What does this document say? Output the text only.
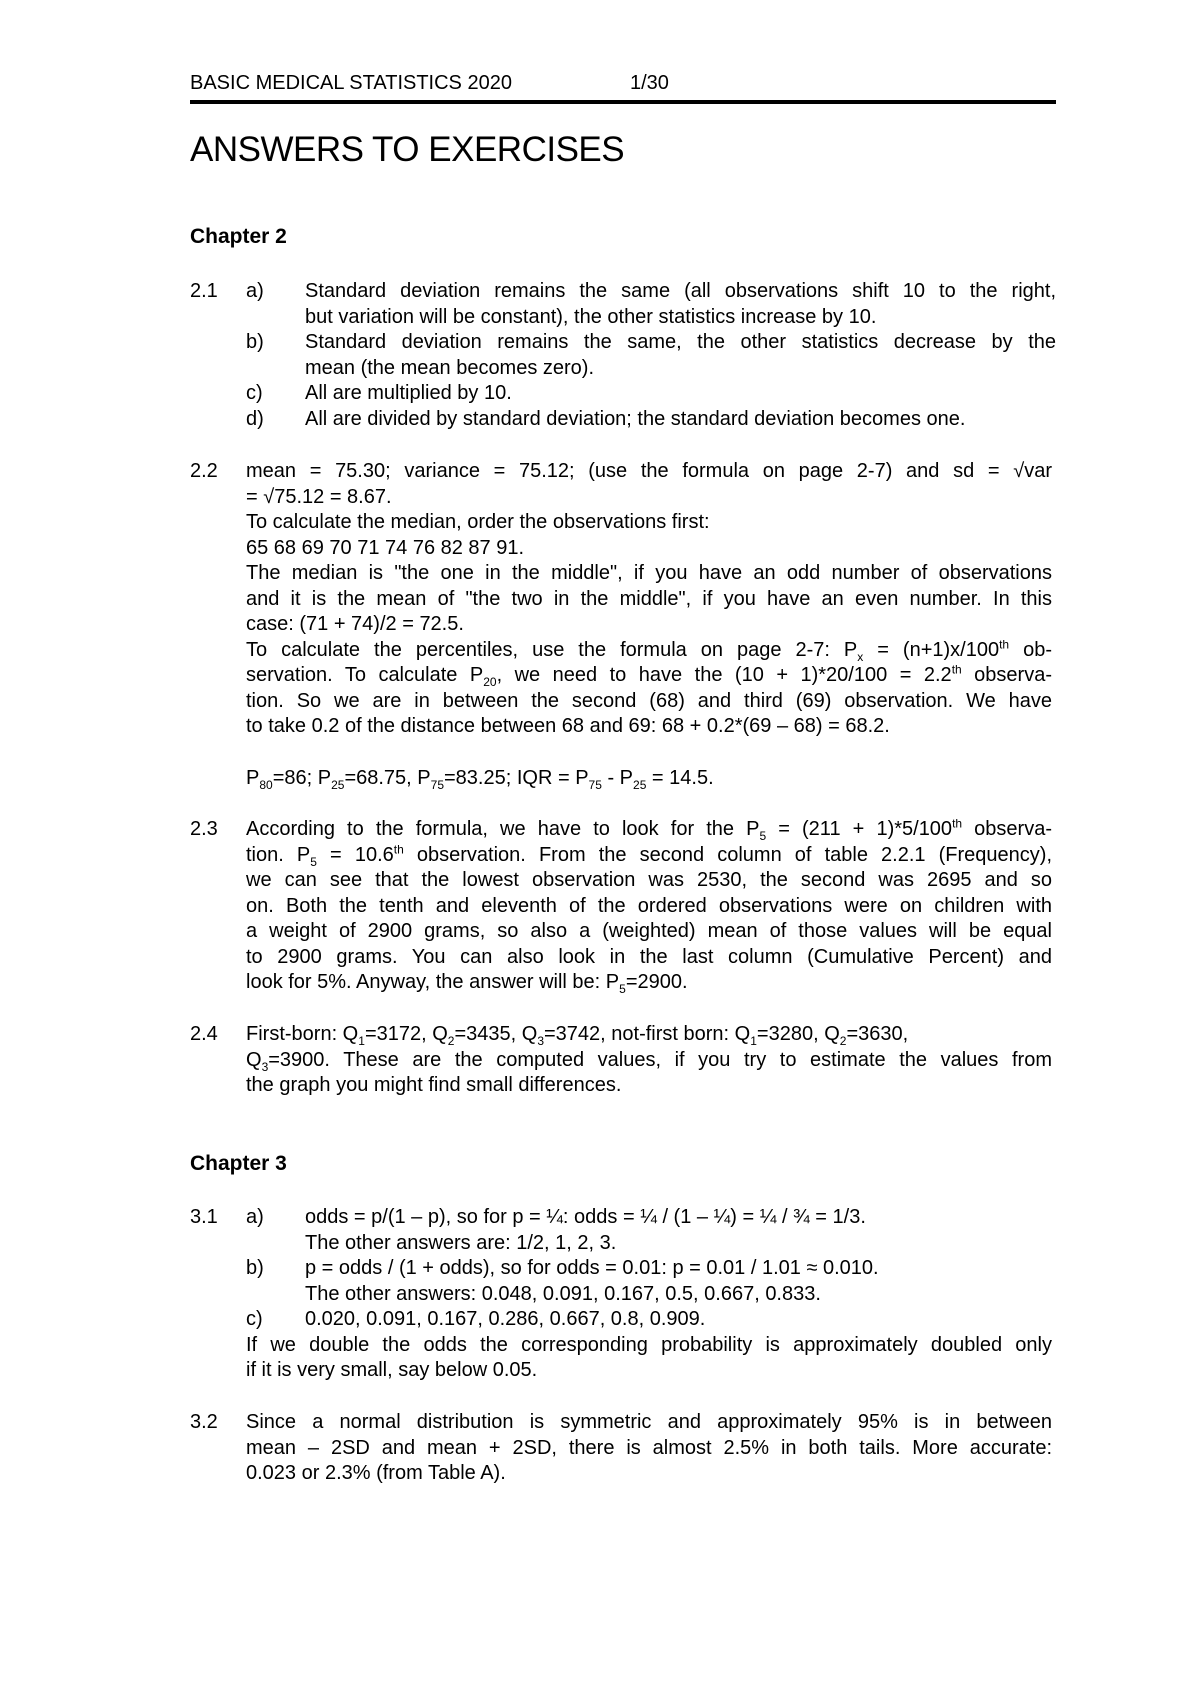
BASIC MEDICAL STATISTICS 2020	1/30
ANSWERS TO EXERCISES
Chapter 2
2.1 a) Standard deviation remains the same (all observations shift 10 to the right,
but variation will be constant), the other statistics increase by 10.
b) Standard deviation remains the same, the other statistics decrease by the
mean (the mean becomes zero).
c) All are multiplied by 10.
d) All are divided by standard deviation; the standard deviation becomes one.
2.2 mean = 75.30; variance = 75.12; (use the formula on page 2-7) and sd = √var
= √75.12 = 8.67.
To calculate the median, order the observations first:
65 68 69 70 71 74 76 82 87 91.
The median is "the one in the middle", if you have an odd number of observations
and it is the mean of "the two in the middle", if you have an even number. In this
case: (71 + 74)/2 = 72.5.
To calculate the percentiles, use the formula on page 2-7: $P_x = (n+1)x/100th$ ob-
servation. To calculate $P_{20}$, we need to have the (10 + 1)*20/100 = 2.2th observa-
tion. So we are in between the second (68) and third (69) observation. We have
to take 0.2 of the distance between 68 and 69: 68 + 0.2*(69 – 68) = 68.2.
$P_{80}=86$; $P_{25}=68.75$, $P_{75}=83.25$; IQR = $P_{75} - P_{25} = 14.5$.
2.3 According to the formula, we have to look for the $P_5 = (211 + 1)*5/100th$ observa-
tion. $P_5 = 10.6th$ observation. From the second column of table 2.2.1 (Frequency),
we can see that the lowest observation was 2530, the second was 2695 and so
on. Both the tenth and eleventh of the ordered observations were on children with
a weight of 2900 grams, so also a (weighted) mean of those values will be equal
to 2900 grams. You can also look in the last column (Cumulative Percent) and
look for 5%. Anyway, the answer will be: $P_5=2900$.
2.4 First-born: $Q_1=3172$, $Q_2=3435$, $Q_3=3742$, not-first born: $Q_1=3280$, $Q_2=3630$,
$Q_3=3900$. These are the computed values, if you try to estimate the values from
the graph you might find small differences.
Chapter 3
3.1 a) odds = p/(1 – p), so for p = ¼: odds = ¼ / (1 – ¼) = ¼ / ¾ = 1/3.
The other answers are: 1/2, 1, 2, 3.
b) p = odds / (1 + odds), so for odds = 0.01: p = 0.01 / 1.01 ≈ 0.010.
The other answers: 0.048, 0.091, 0.167, 0.5, 0.667, 0.833.
c) 0.020, 0.091, 0.167, 0.286, 0.667, 0.8, 0.909.
If we double the odds the corresponding probability is approximately doubled only
if it is very small, say below 0.05.
3.2 Since a normal distribution is symmetric and approximately 95% is in between
mean – 2SD and mean + 2SD, there is almost 2.5% in both tails. More accurate:
0.023 or 2.3% (from Table A).
